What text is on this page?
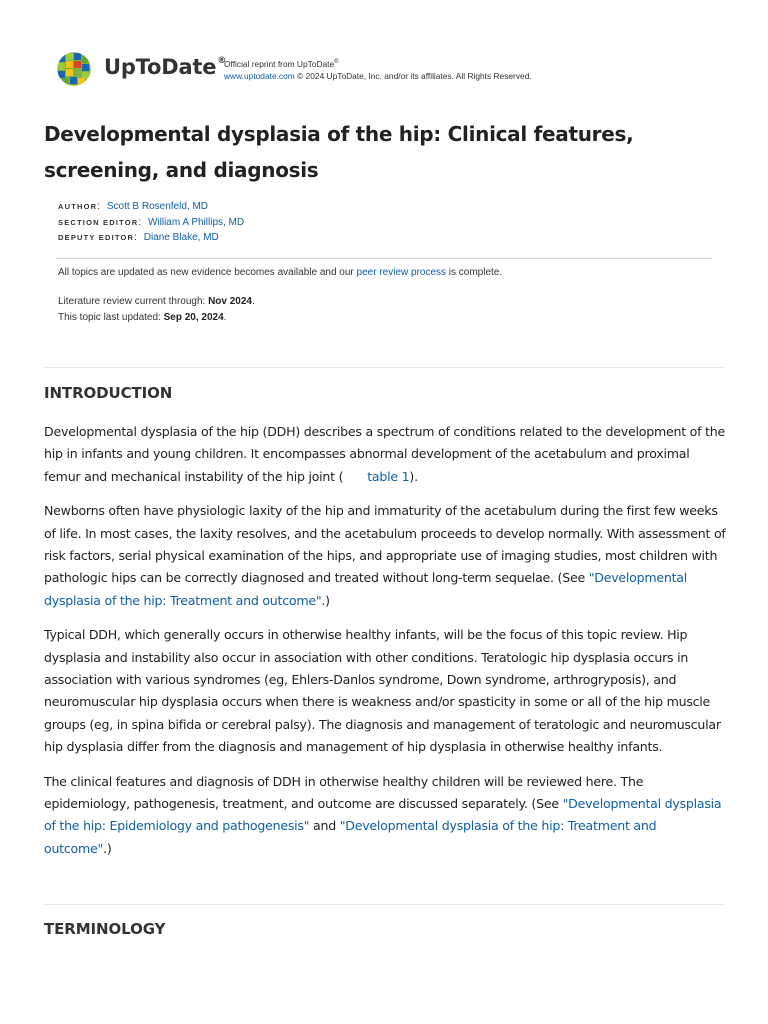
UpToDate®
Official reprint from UpToDate®
www.uptodate.com © 2024 UpToDate, Inc. and/or its affiliates. All Rights Reserved.
Developmental dysplasia of the hip: Clinical features, screening, and diagnosis
AUTHOR: Scott B Rosenfeld, MD
SECTION EDITOR: William A Phillips, MD
DEPUTY EDITOR: Diane Blake, MD
All topics are updated as new evidence becomes available and our peer review process is complete.
Literature review current through: Nov 2024.
This topic last updated: Sep 20, 2024.
INTRODUCTION

Developmental dysplasia of the hip (DDH) describes a spectrum of conditions related to the development of the hip in infants and young children. It encompasses abnormal development of the acetabulum and proximal femur and mechanical instability of the hip joint ( table 1).

Newborns often have physiologic laxity of the hip and immaturity of the acetabulum during the first few weeks of life. In most cases, the laxity resolves, and the acetabulum proceeds to develop normally. With assessment of risk factors, serial physical examination of the hips, and appropriate use of imaging studies, most children with pathologic hips can be correctly diagnosed and treated without long-term sequelae. (See "Developmental dysplasia of the hip: Treatment and outcome".)

Typical DDH, which generally occurs in otherwise healthy infants, will be the focus of this topic review. Hip dysplasia and instability also occur in association with other conditions. Teratologic hip dysplasia occurs in association with various syndromes (eg, Ehlers-Danlos syndrome, Down syndrome, arthrogryposis), and neuromuscular hip dysplasia occurs when there is weakness and/or spasticity in some or all of the hip muscle groups (eg, in spina bifida or cerebral palsy). The diagnosis and management of teratologic and neuromuscular hip dysplasia differ from the diagnosis and management of hip dysplasia in otherwise healthy infants.

The clinical features and diagnosis of DDH in otherwise healthy children will be reviewed here. The epidemiology, pathogenesis, treatment, and outcome are discussed separately. (See "Developmental dysplasia of the hip: Epidemiology and pathogenesis" and "Developmental dysplasia of the hip: Treatment and outcome".)

TERMINOLOGY
